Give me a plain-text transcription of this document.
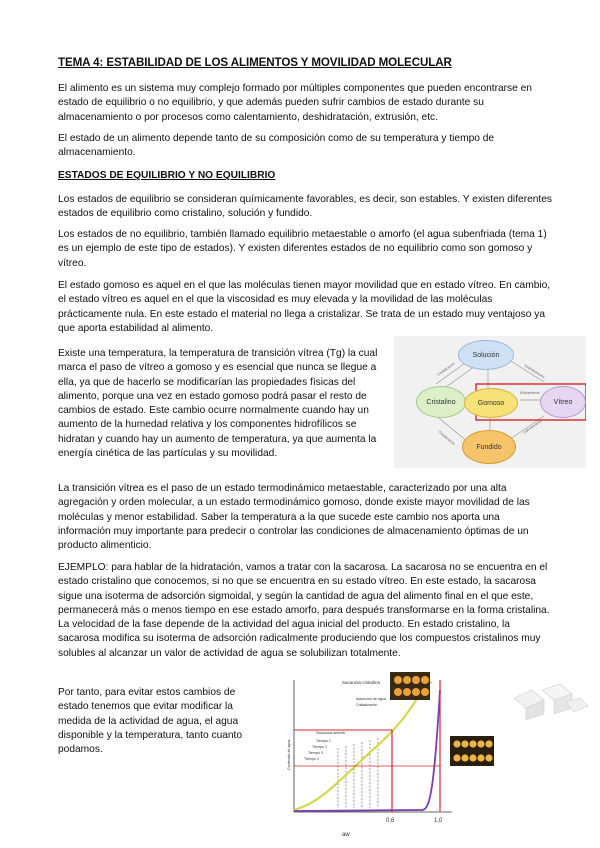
TEMA 4: ESTABILIDAD DE LOS ALIMENTOS Y MOVILIDAD MOLECULAR

El alimento es un sistema muy complejo formado por múltiples componentes que pueden encontrarse en estado de equilibrio o no equilibrio, y que además pueden sufrir cambios de estado durante su almacenamiento o por procesos como calentamiento, deshidratación, extrusión, etc.

El estado de un alimento depende tanto de su composición como de su temperatura y tiempo de almacenamiento.

ESTADOS DE EQUILIBRIO Y NO EQUILIBRIO

Los estados de equilibrio se consideran químicamente favorables, es decir, son estables. Y existen diferentes estados de equilibrio como cristalino, solución y fundido.

Los estados de no equilibrio, también llamado equilibrio metaestable o amorfo (el agua subenfriada (tema 1) es un ejemplo de este tipo de estados). Y existen diferentes estados de no equilibrio como son gomoso y vítreo.

El estado gomoso es aquel en el que las moléculas tienen mayor movilidad que en estado vítreo. En cambio, el estado vítreo es aquel en el que la viscosidad es muy elevada y la movilidad de las moléculas prácticamente nula. En este estado el material no llega a cristalizar. Se trata de un estado muy ventajoso ya que aporta estabilidad al alimento.

Existe una temperatura, la temperatura de transición vítrea (Tg) la cual marca el paso de vítreo a gomoso y es esencial que nunca se llegue a ella, ya que de hacerlo se modificarían las propiedades físicas del alimento, porque una vez en estado gomoso podrá pasar el resto de cambios de estado. Este cambio ocurre normalmente cuando hay un aumento de la humedad relativa y los componentes hidrofílicos se hidratan y cuando hay un aumento de temperatura, ya que aumenta la energía cinética de las partículas y su movilidad.

Cristalización	Deshidratación
Enfriamiento
Cristalización
Calentamiento
Solución
Cristalino	Gomoso	Vítreo
Fundido

La transición vítrea es el paso de un estado termodinámico metaestable, caracterizado por una alta agregación y orden molecular, a un estado termodinámico gomoso, donde existe mayor movilidad de las moléculas y menor estabilidad. Saber la temperatura a la que sucede este cambio nos aporta una información muy importante para predecir o controlar las condiciones de almacenamiento óptimas de un producto alimenticio.

EJEMPLO: para hablar de la hidratación, vamos a tratar con la sacarosa. La sacarosa no se encuentra en el estado cristalino que conocemos, si no que se encuentra en su estado vítreo. En este estado, la sacarosa sigue una isoterma de adsorción sigmoidal, y según la cantidad de agua del alimento final en el que este, permanecerá más o menos tiempo en ese estado amorfo, para después transformarse en la forma cristalina. La velocidad de la fase depende de la actividad del agua inicial del producto. En estado cristalino, la sacarosa modifica su isoterma de adsorción radicalmente produciendo que los compuestos cristalinos muy solubles al alcanzar un valor de actividad de agua se solubilizan totalmente.

Por tanto, para evitar estos cambios de estado tenemos que evitar modificar la medida de la actividad de agua, el agua disponible y la temperatura, tanto cuanto podamos.

Sacarosa cristalina
Adsorción de agua
Cristalización
Sacarosa amorfa
Tiempo 1
Tiempo 2
Tiempo 3
Tiempo 4
Contenido de agua
0,6	1,0
aw
